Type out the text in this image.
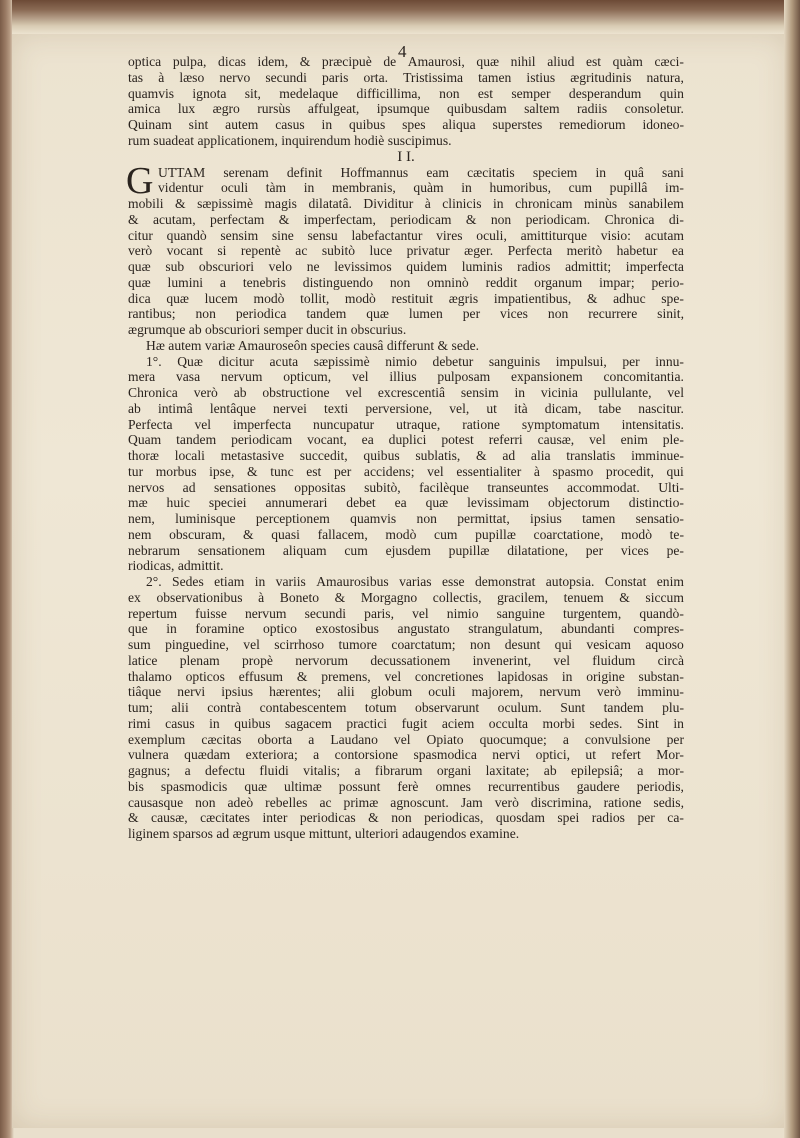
4
optica pulpa, dicas idem, & præcipuè de Amaurosi, quæ nihil aliud est quàm cæci-
tas à læso nervo secundi paris orta. Tristissima tamen istius ægritudinis natura,
quamvis ignota sit, medelaque difficillima, non est semper desperandum quin
amica lux ægro rursùs affulgeat, ipsumque quibusdam saltem radiis consoletur.
Quinam sint autem casus in quibus spes aliqua superstes remediorum idoneo-
rum suadeat applicationem, inquirendum hodiè suscipimus.
I I.
UTTAM serenam definit Hoffmannus eam cæcitatis speciem in quâ sani
videntur oculi tàm in membranis, quàm in humoribus, cum pupillâ im-
mobili & sæpissimè magis dilatatâ. Dividitur à clinicis in chronicam minùs sanabilem
& acutam, perfectam & imperfectam, periodicam & non periodicam. Chronica di-
citur quandò sensim sine sensu labefactantur vires oculi, amittiturque visio: acutam
verò vocant si repentè ac subitò luce privatur æger. Perfecta meritò habetur ea
quæ sub obscuriori velo ne levissimos quidem luminis radios admittit; imperfecta
quæ lumini a tenebris distinguendo non omninò reddit organum impar; perio-
dica quæ lucem modò tollit, modò restituit ægris impatientibus, & adhuc spe-
rantibus; non periodica tandem quæ lumen per vices non recurrere sinit,
ægrumque ab obscuriori semper ducit in obscurius.
G
Hæ autem variæ Amauroseôn species causâ differunt & sede.
1°. Quæ dicitur acuta sæpissimè nimio debetur sanguinis impulsui, per innu-
mera vasa nervum opticum, vel illius pulposam expansionem concomitantia.
Chronica verò ab obstructione vel excrescentiâ sensim in vicinia pullulante, vel
ab intimâ lentâque nervei texti perversione, vel, ut ità dicam, tabe nascitur.
Perfecta vel imperfecta nuncupatur utraque, ratione symptomatum intensitatis.
Quam tandem periodicam vocant, ea duplici potest referri causæ, vel enim ple-
thoræ locali metastasive succedit, quibus sublatis, & ad alia translatis imminue-
tur morbus ipse, & tunc est per accidens; vel essentialiter à spasmo procedit, qui
nervos ad sensationes oppositas subitò, facilèque transeuntes accommodat. Ulti-
mæ huic speciei annumerari debet ea quæ levissimam objectorum distinctio-
nem, luminisque perceptionem quamvis non permittat, ipsius tamen sensatio-
nem obscuram, & quasi fallacem, modò cum pupillæ coarctatione, modò te-
nebrarum sensationem aliquam cum ejusdem pupillæ dilatatione, per vices pe-
riodicas, admittit.
2°. Sedes etiam in variis Amaurosibus varias esse demonstrat autopsia. Constat enim
ex observationibus à Boneto & Morgagno collectis, gracilem, tenuem & siccum
repertum fuisse nervum secundi paris, vel nimio sanguine turgentem, quandò-
que in foramine optico exostosibus angustato strangulatum, abundanti compres-
sum pinguedine, vel scirrhoso tumore coarctatum; non desunt qui vesicam aquoso
latice plenam propè nervorum decussationem invenerint, vel fluidum circà
thalamo opticos effusum & premens, vel concretiones lapidosas in origine substan-
tiâque nervi ipsius hærentes; alii globum oculi majorem, nervum verò imminu-
tum; alii contrà contabescentem totum observarunt oculum. Sunt tandem plu-
rimi casus in quibus sagacem practici fugit aciem occulta morbi sedes. Sint in
exemplum cæcitas oborta a Laudano vel Opiato quocumque; a convulsione per
vulnera quædam exteriora; a contorsione spasmodica nervi optici, ut refert Mor-
gagnus; a defectu fluidi vitalis; a fibrarum organi laxitate; ab epilepsiâ; a mor-
bis spasmodicis quæ ultimæ possunt ferè omnes recurrentibus gaudere periodis,
causasque non adeò rebelles ac primæ agnoscunt. Jam verò discrimina, ratione sedis,
& causæ, cæcitates inter periodicas & non periodicas, quosdam spei radios per ca-
liginem sparsos ad ægrum usque mittunt, ulteriori adaugendos examine.
